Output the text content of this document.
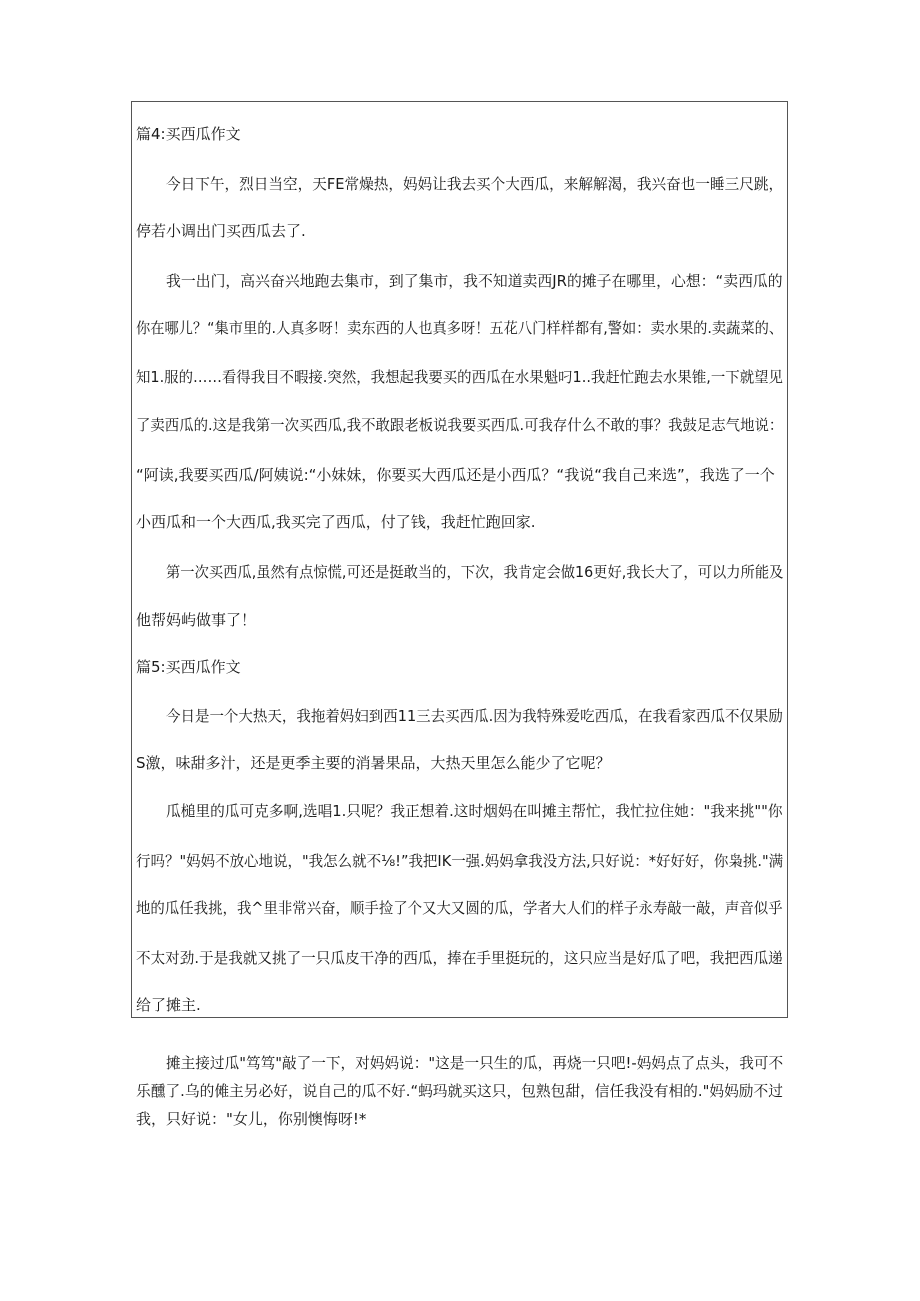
篇4:买西瓜作文
今日下午，烈日当空，天FE常燥热，妈妈让我去买个大西瓜，来解解渴，我兴奋也一睡三尺跳，
停若小调出门买西瓜去了.
我一出门，高兴奋兴地跑去集市，到了集市，我不知道卖西JR的摊子在哪里，心想：“卖西瓜的
你在哪儿？“集市里的.人真多呀！卖东西的人也真多呀！五花八门样样都有,警如：卖水果的.卖蔬菜的、
知1.服的……看得我目不暇接.突然，我想起我要买的西瓜在水果魁叼1..我赶忙跑去水果锥,一下就望见
了卖西瓜的.这是我第一次买西瓜,我不敢跟老板说我要买西瓜.可我存什么不敢的事？我鼓足志气地说：
“阿读,我要买西瓜/阿姨说:“小妹妹，你要买大西瓜还是小西瓜？“我说“我自己来选”，我选了一个
小西瓜和一个大西瓜,我买完了西瓜，付了钱，我赶忙跑回家.
第一次买西瓜,虽然有点惊慌,可还是挺敢当的，下次，我肯定会做16更好,我长大了，可以力所能及
他帮妈屿做事了！
篇5:买西瓜作文
今日是一个大热天，我拖着妈妇到西11三去买西瓜.因为我特殊爱吃西瓜，在我看家西瓜不仅果励
S激，味甜多汁，还是更季主要的消暑果品，大热天里怎么能少了它呢？
瓜槌里的瓜可克多啊,选唱1.只呢？我正想着.这时烟妈在叫摊主帮忙，我忙拉住她："我来挑""你
行吗？"妈妈不放心地说，"我怎么就不⅛!”我把IK一强.妈妈拿我没方法,只好说：*好好好，你枭挑."满
地的瓜任我挑，我^里非常兴奋，顺手捡了个又大又圆的瓜，学者大人们的样子永寿敲一敲，声音似乎
不太对劲.于是我就又挑了一只瓜皮干净的西瓜，捧在手里挺玩的，这只应当是好瓜了吧，我把西瓜递
给了摊主.
摊主接过瓜"笃笃"敲了一下，对妈妈说："这是一只生的瓜，再烧一只吧!-妈妈点了点头，我可不
乐醺了.乌的傩主另必好，说自己的瓜不好.“蚂玛就买这只，包熟包甜，信任我没有相的."妈妈励不过
我，只好说："女儿，你别懊悔呀!*
